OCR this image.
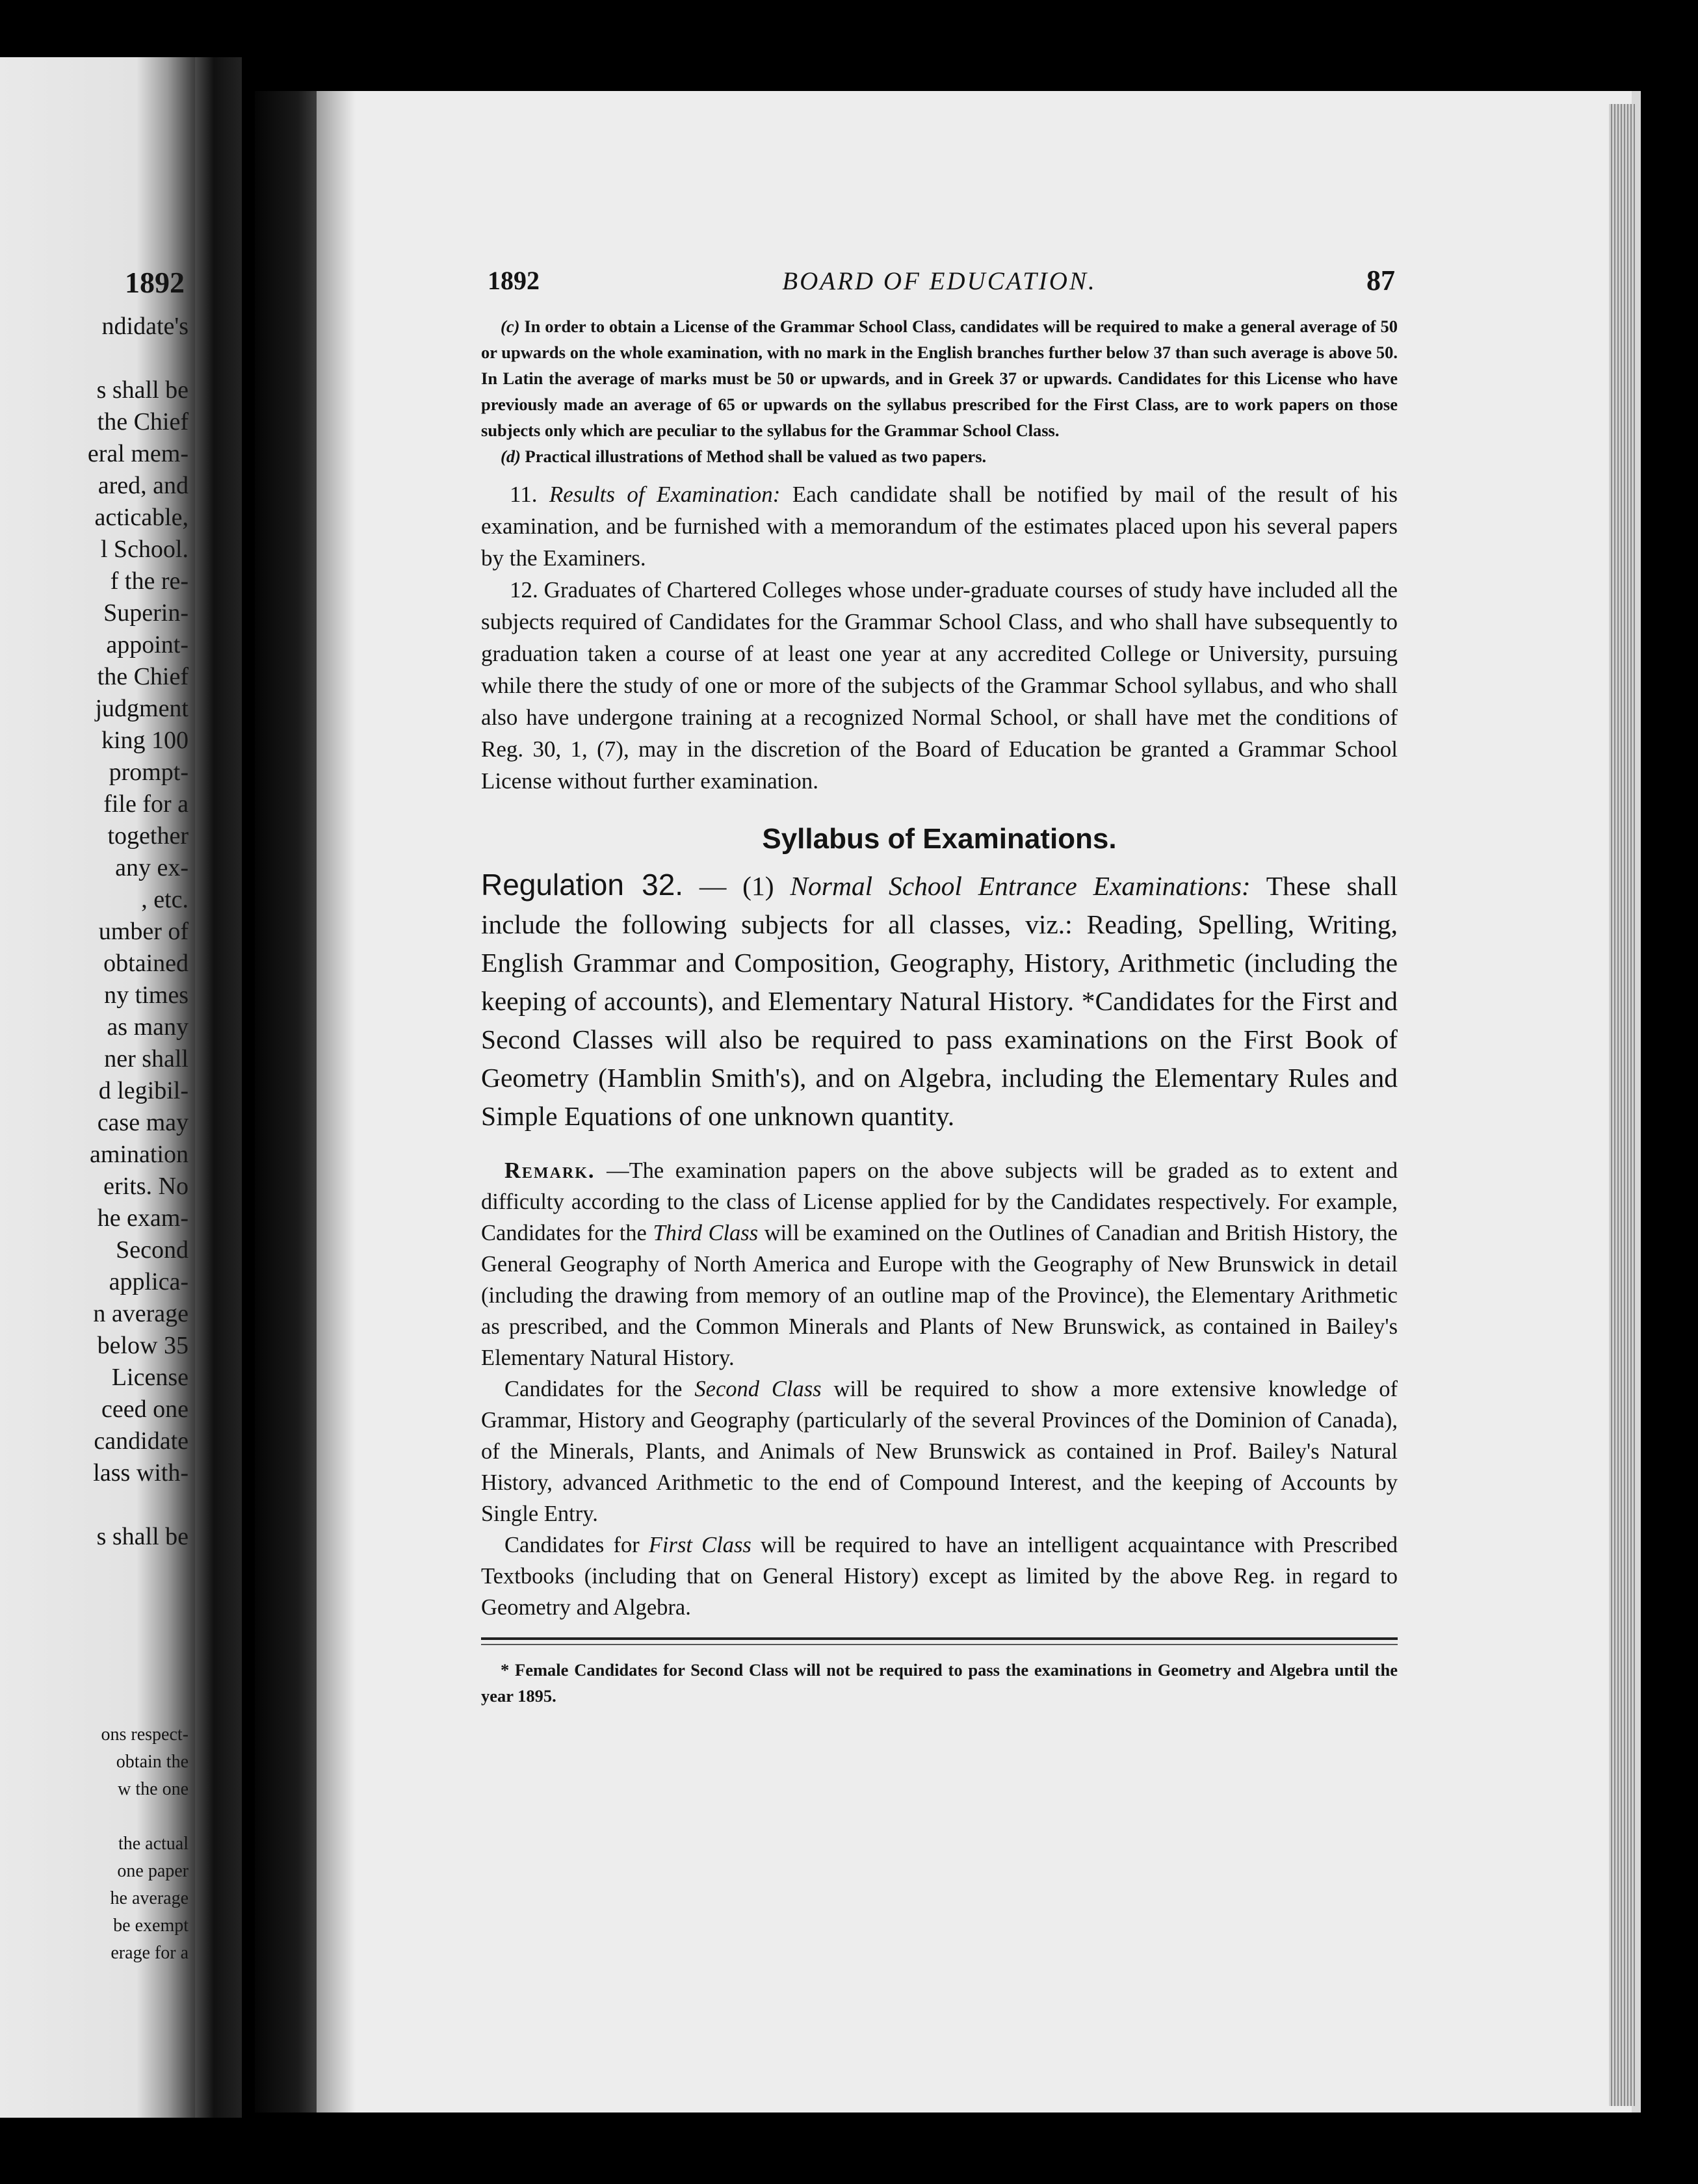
1892
ndidate's

s shall be
the Chief
eral mem-
ared, and
acticable,
l School.
f the re-
Superin-
appoint-
the Chief
judgment
king 100
prompt-
file for a
together
any ex-
, etc.
umber of
obtained
ny times
as many
ner shall
d legibil-
case may
amination
erits. No
he exam-
Second
applica-
n average
below 35
License
ceed one
candidate
lass with-

s shall be
ons respect-
obtain the
w the one

the actual
one paper
he average
be exempt
erage for a
1892	BOARD OF EDUCATION.	87

(c) In order to obtain a License of the Grammar School Class, candidates will be required to make a general average of 50 or upwards on the whole examination, with no mark in the English branches further below 37 than such average is above 50. In Latin the average of marks must be 50 or upwards, and in Greek 37 or upwards. Candidates for this License who have previously made an average of 65 or upwards on the syllabus prescribed for the First Class, are to work papers on those subjects only which are peculiar to the syllabus for the Grammar School Class.

(d) Practical illustrations of Method shall be valued as two papers.

11. Results of Examination: Each candidate shall be notified by mail of the result of his examination, and be furnished with a memorandum of the estimates placed upon his several papers by the Examiners.

12. Graduates of Chartered Colleges whose under-graduate courses of study have included all the subjects required of Candidates for the Grammar School Class, and who shall have subsequently to graduation taken a course of at least one year at any accredited College or University, pursuing while there the study of one or more of the subjects of the Grammar School syllabus, and who shall also have undergone training at a recognized Normal School, or shall have met the conditions of Reg. 30, 1, (7), may in the discretion of the Board of Education be granted a Grammar School License without further examination.

Syllabus of Examinations.

Regulation 32. — (1) Normal School Entrance Examinations: These shall include the following subjects for all classes, viz.: Reading, Spelling, Writing, English Grammar and Composition, Geography, History, Arithmetic (including the keeping of accounts), and Elementary Natural History. *Candidates for the First and Second Classes will also be required to pass examinations on the First Book of Geometry (Hamblin Smith's), and on Algebra, including the Elementary Rules and Simple Equations of one unknown quantity.

Remark. —The examination papers on the above subjects will be graded as to extent and difficulty according to the class of License applied for by the Candidates respectively. For example, Candidates for the Third Class will be examined on the Outlines of Canadian and British History, the General Geography of North America and Europe with the Geography of New Brunswick in detail (including the drawing from memory of an outline map of the Province), the Elementary Arithmetic as prescribed, and the Common Minerals and Plants of New Brunswick, as contained in Bailey's Elementary Natural History.

Candidates for the Second Class will be required to show a more extensive knowledge of Grammar, History and Geography (particularly of the several Provinces of the Dominion of Canada), of the Minerals, Plants, and Animals of New Brunswick as contained in Prof. Bailey's Natural History, advanced Arithmetic to the end of Compound Interest, and the keeping of Accounts by Single Entry.

Candidates for First Class will be required to have an intelligent acquaintance with Prescribed Textbooks (including that on General History) except as limited by the above Reg. in regard to Geometry and Algebra.

* Female Candidates for Second Class will not be required to pass the examinations in Geometry and Algebra until the year 1895.
